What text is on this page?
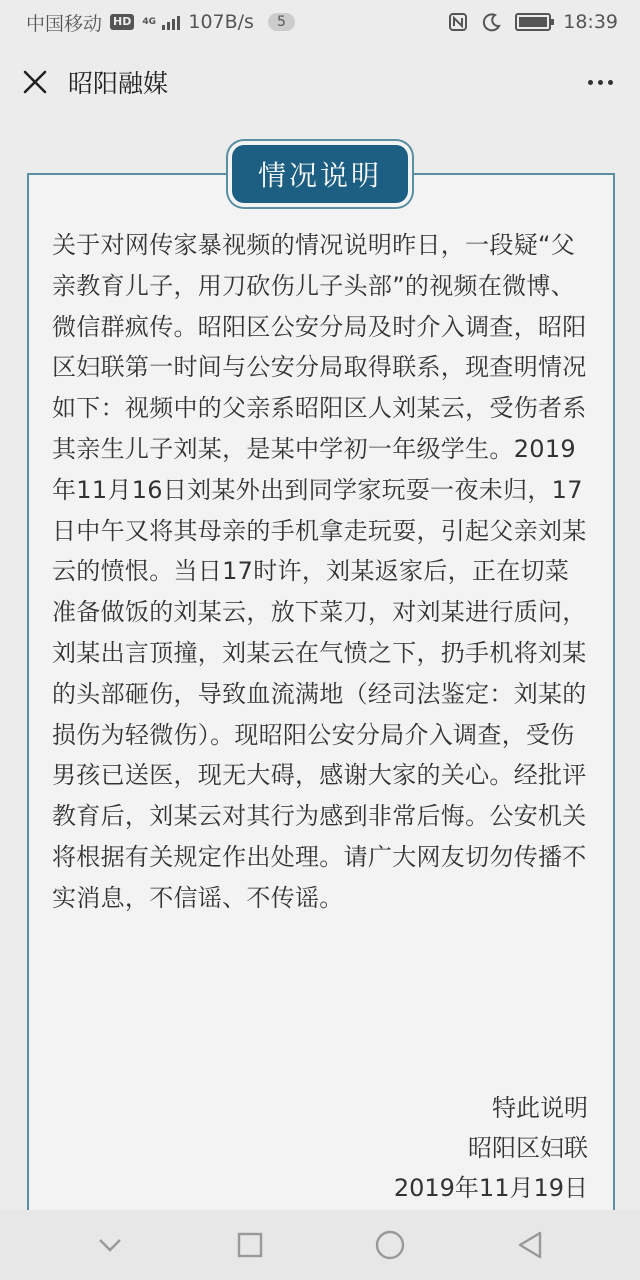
中国移动 HD	4G 107B/s	5	18:39
昭阳融媒
情况说明
关于对网传家暴视频的情况说明昨日，一段疑“父亲教育儿子，用刀砍伤儿子头部”的视频在微博、微信群疯传。昭阳区公安分局及时介入调查，昭阳区妇联第一时间与公安分局取得联系，现查明情况如下：视频中的父亲系昭阳区人刘某云，受伤者系其亲生儿子刘某，是某中学初一年级学生。2019年11月16日刘某外出到同学家玩耍一夜未归，17日中午又将其母亲的手机拿走玩耍，引起父亲刘某云的愤恨。当日17时许，刘某返家后，正在切菜准备做饭的刘某云，放下菜刀，对刘某进行质问，刘某出言顶撞，刘某云在气愤之下，扔手机将刘某的头部砸伤，导致血流满地（经司法鉴定：刘某的损伤为轻微伤）。现昭阳公安分局介入调查，受伤男孩已送医，现无大碍，感谢大家的关心。经批评教育后，刘某云对其行为感到非常后悔。公安机关将根据有关规定作出处理。请广大网友切勿传播不实消息，不信谣、不传谣。
特此说明
昭阳区妇联
2019年11月19日
